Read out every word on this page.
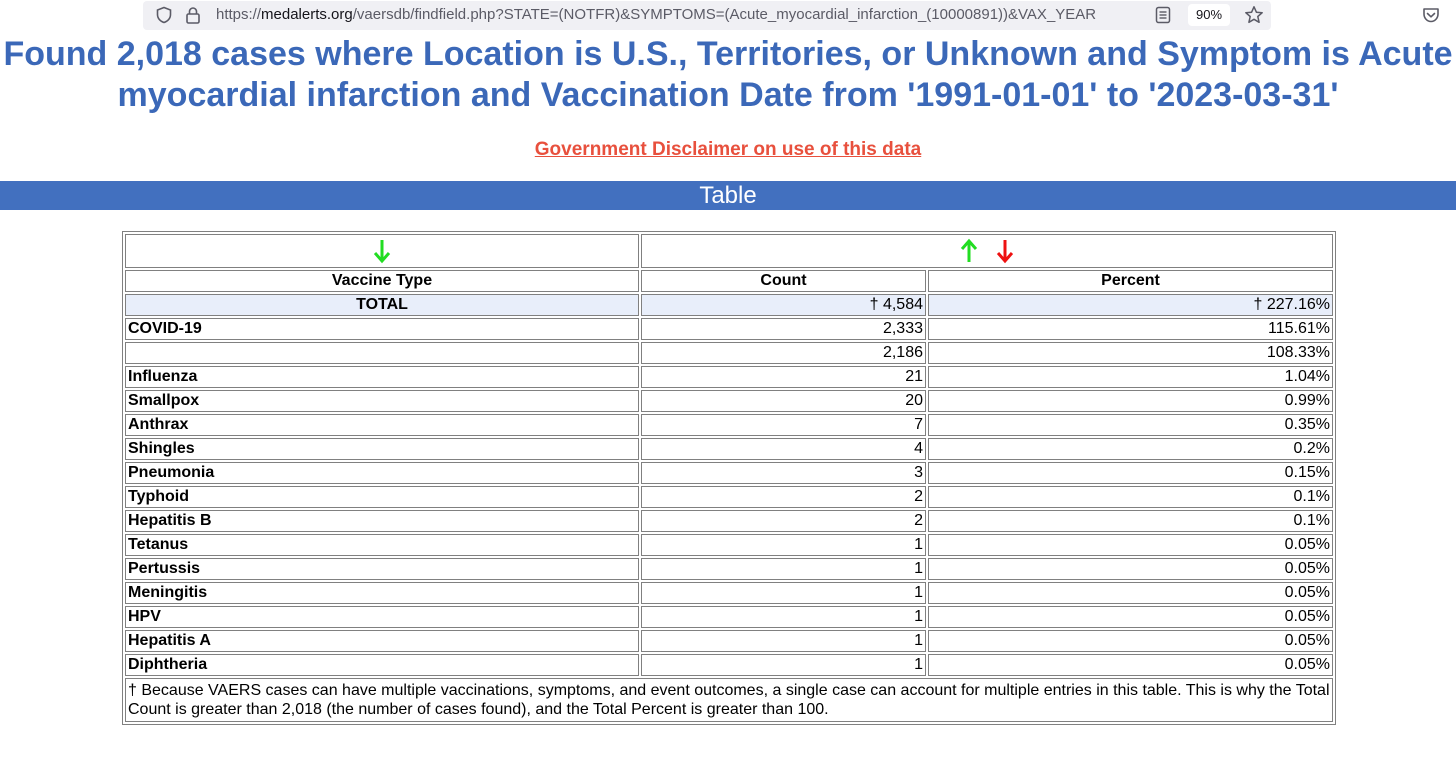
https://medalerts.org/vaersdb/findfield.php?STATE=(NOTFR)&SYMPTOMS=(Acute_myocardial_infarction_(10000891))&VAX_YEAR	90%
Found 2,018 cases where Location is U.S., Territories, or Unknown and Symptom is Acute myocardial infarction and Vaccination Date from '1991-01-01' to '2023-03-31'
Government Disclaimer on use of this data
Table

Vaccine Type	Count	Percent
TOTAL	† 4,584	† 227.16%
COVID-19	2,333	115.61%
	2,186	108.33%
Influenza	21	1.04%
Smallpox	20	0.99%
Anthrax	7	0.35%
Shingles	4	0.2%
Pneumonia	3	0.15%
Typhoid	2	0.1%
Hepatitis B	2	0.1%
Tetanus	1	0.05%
Pertussis	1	0.05%
Meningitis	1	0.05%
HPV	1	0.05%
Hepatitis A	1	0.05%
Diphtheria	1	0.05%
† Because VAERS cases can have multiple vaccinations, symptoms, and event outcomes, a single case can account for multiple entries in this table. This is why the Total Count is greater than 2,018 (the number of cases found), and the Total Percent is greater than 100.		
